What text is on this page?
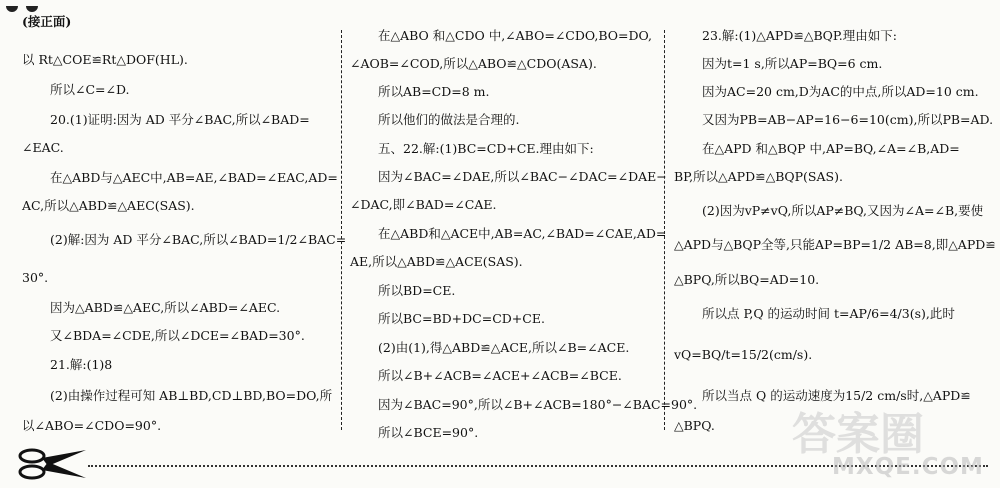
(接正面)
以 Rt△COE≌Rt△DOF(HL).
所以∠C=∠D.
20.(1)证明:因为 AD 平分∠BAC,所以∠BAD=
∠EAC.
在△ABD与△AEC中,AB=AE,∠BAD=∠EAC,AD=
AC,所以△ABD≌△AEC(SAS).
(2)解:因为 AD 平分∠BAC,所以∠BAD=1/2∠BAC=
30°.
因为△ABD≌△AEC,所以∠ABD=∠AEC.
又∠BDA=∠CDE,所以∠DCE=∠BAD=30°.
21.解:(1)8
(2)由操作过程可知 AB⊥BD,CD⊥BD,BO=DO,所
以∠ABO=∠CDO=90°.
在△ABO 和△CDO 中,∠ABO=∠CDO,BO=DO,
∠AOB=∠COD,所以△ABO≌△CDO(ASA).
所以AB=CD=8 m.
所以他们的做法是合理的.
五、22.解:(1)BC=CD+CE.理由如下:
因为∠BAC=∠DAE,所以∠BAC−∠DAC=∠DAE−
∠DAC,即∠BAD=∠CAE.
在△ABD和△ACE中,AB=AC,∠BAD=∠CAE,AD=
AE,所以△ABD≌△ACE(SAS).
所以BD=CE.
所以BC=BD+DC=CD+CE.
(2)由(1),得△ABD≌△ACE,所以∠B=∠ACE.
所以∠B+∠ACB=∠ACE+∠ACB=∠BCE.
因为∠BAC=90°,所以∠B+∠ACB=180°−∠BAC=90°.
所以∠BCE=90°.
23.解:(1)△APD≌△BQP.理由如下:
因为t=1 s,所以AP=BQ=6 cm.
因为AC=20 cm,D为AC的中点,所以AD=10 cm.
又因为PB=AB−AP=16−6=10(cm),所以PB=AD.
在△APD 和△BQP 中,AP=BQ,∠A=∠B,AD=
BP,所以△APD≌△BQP(SAS).
(2)因为vP≠vQ,所以AP≠BQ,又因为∠A=∠B,要使
△APD与△BQP全等,只能AP=BP=1/2 AB=8,即△APD≌
△BPQ,所以BQ=AD=10.
所以点 P,Q 的运动时间 t=AP/6=4/3(s),此时
vQ=BQ/t=15/2(cm/s).
所以当点 Q 的运动速度为15/2 cm/s时,△APD≌
△BPQ. 答案圈
MXQE.COM
